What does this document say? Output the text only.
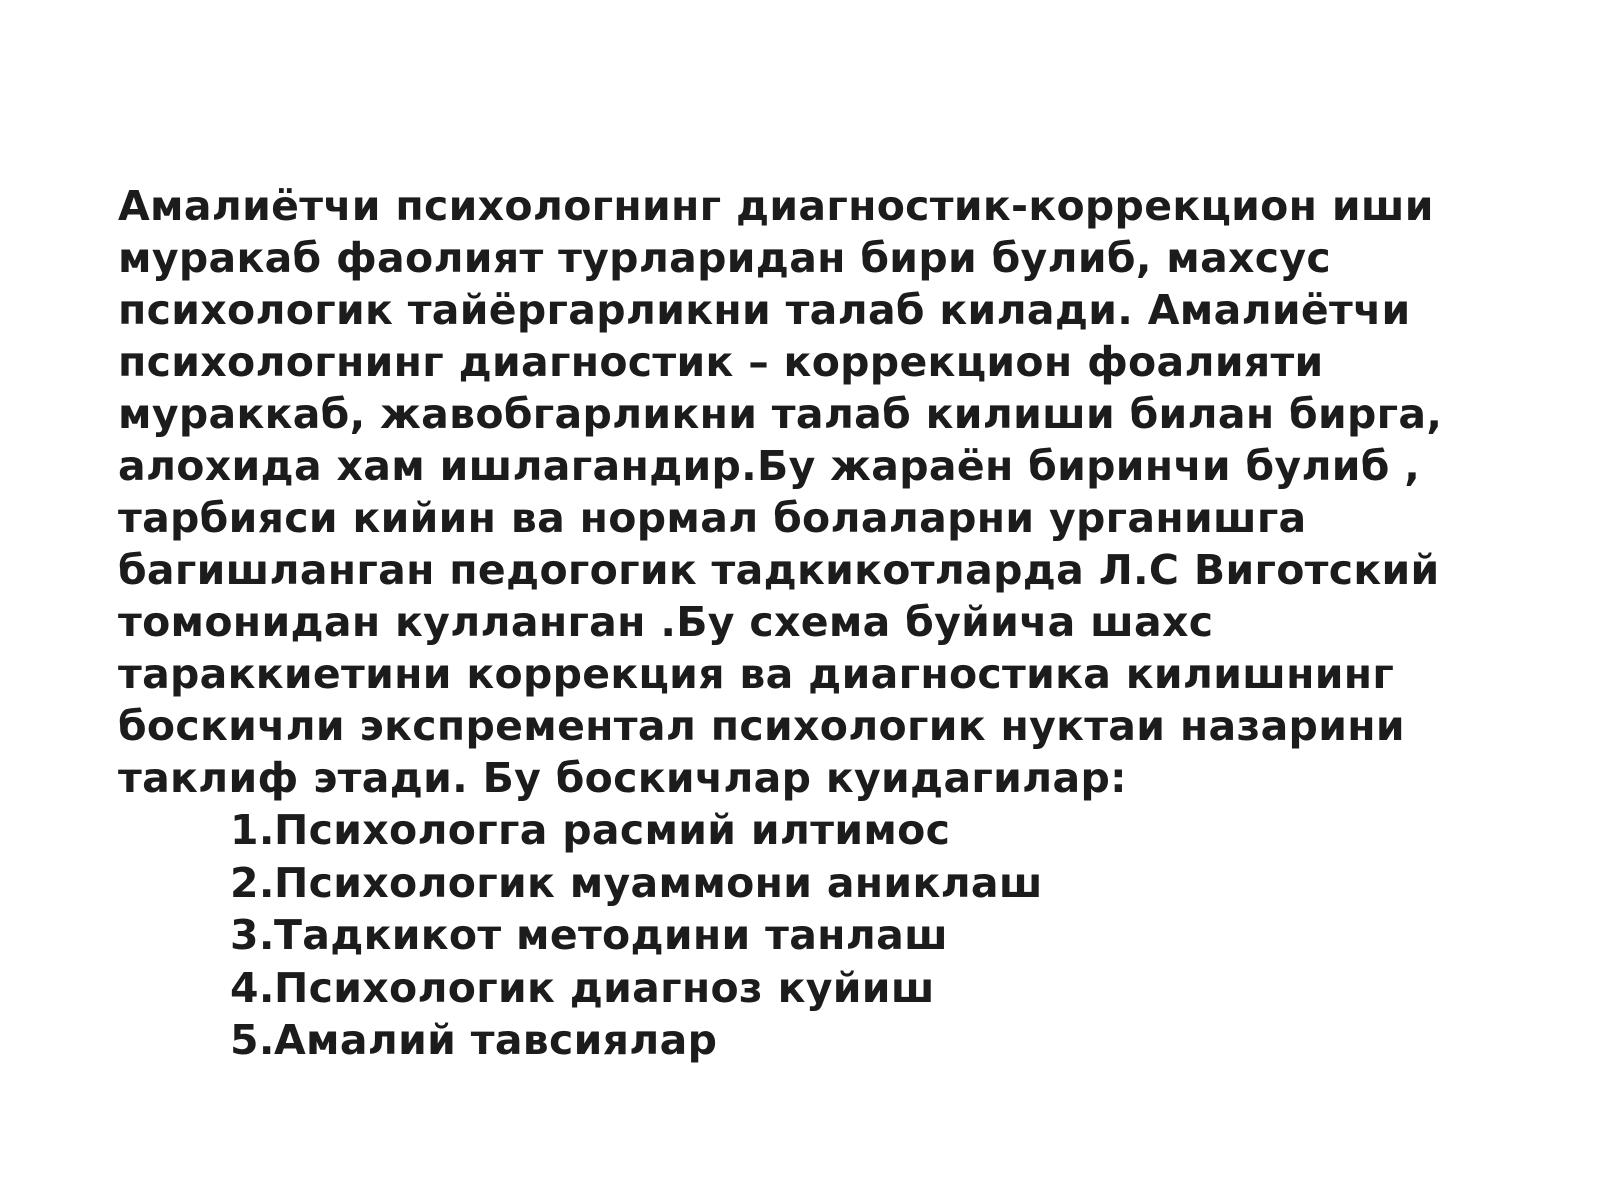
Амалиётчи психологнинг диагностик-коррекцион иши
муракаб фаолият турларидан бири булиб, махсус
психологик тайёргарликни талаб килади. Амалиётчи
психологнинг диагностик – коррекцион фоалияти
мураккаб, жавобгарликни талаб килиши билан бирга,
алохида хам ишлагандир.Бу жараён биринчи булиб ,
тарбияси кийин ва нормал болаларни урганишга
багишланган педогогик тадкикотларда Л.С Виготский
томонидан кулланган .Бу схема буйича шахс
тараккиетини коррекция ва диагностика килишнинг
боскичли экспрементал психологик нуктаи назарини
таклиф этади. Бу боскичлар куидагилар:
1. Психологга расмий илтимос
2. Психологик муаммони аниклаш
3. Тадкикот методини танлаш
4. Психологик диагноз куйиш
5. Амалий тавсиялар
